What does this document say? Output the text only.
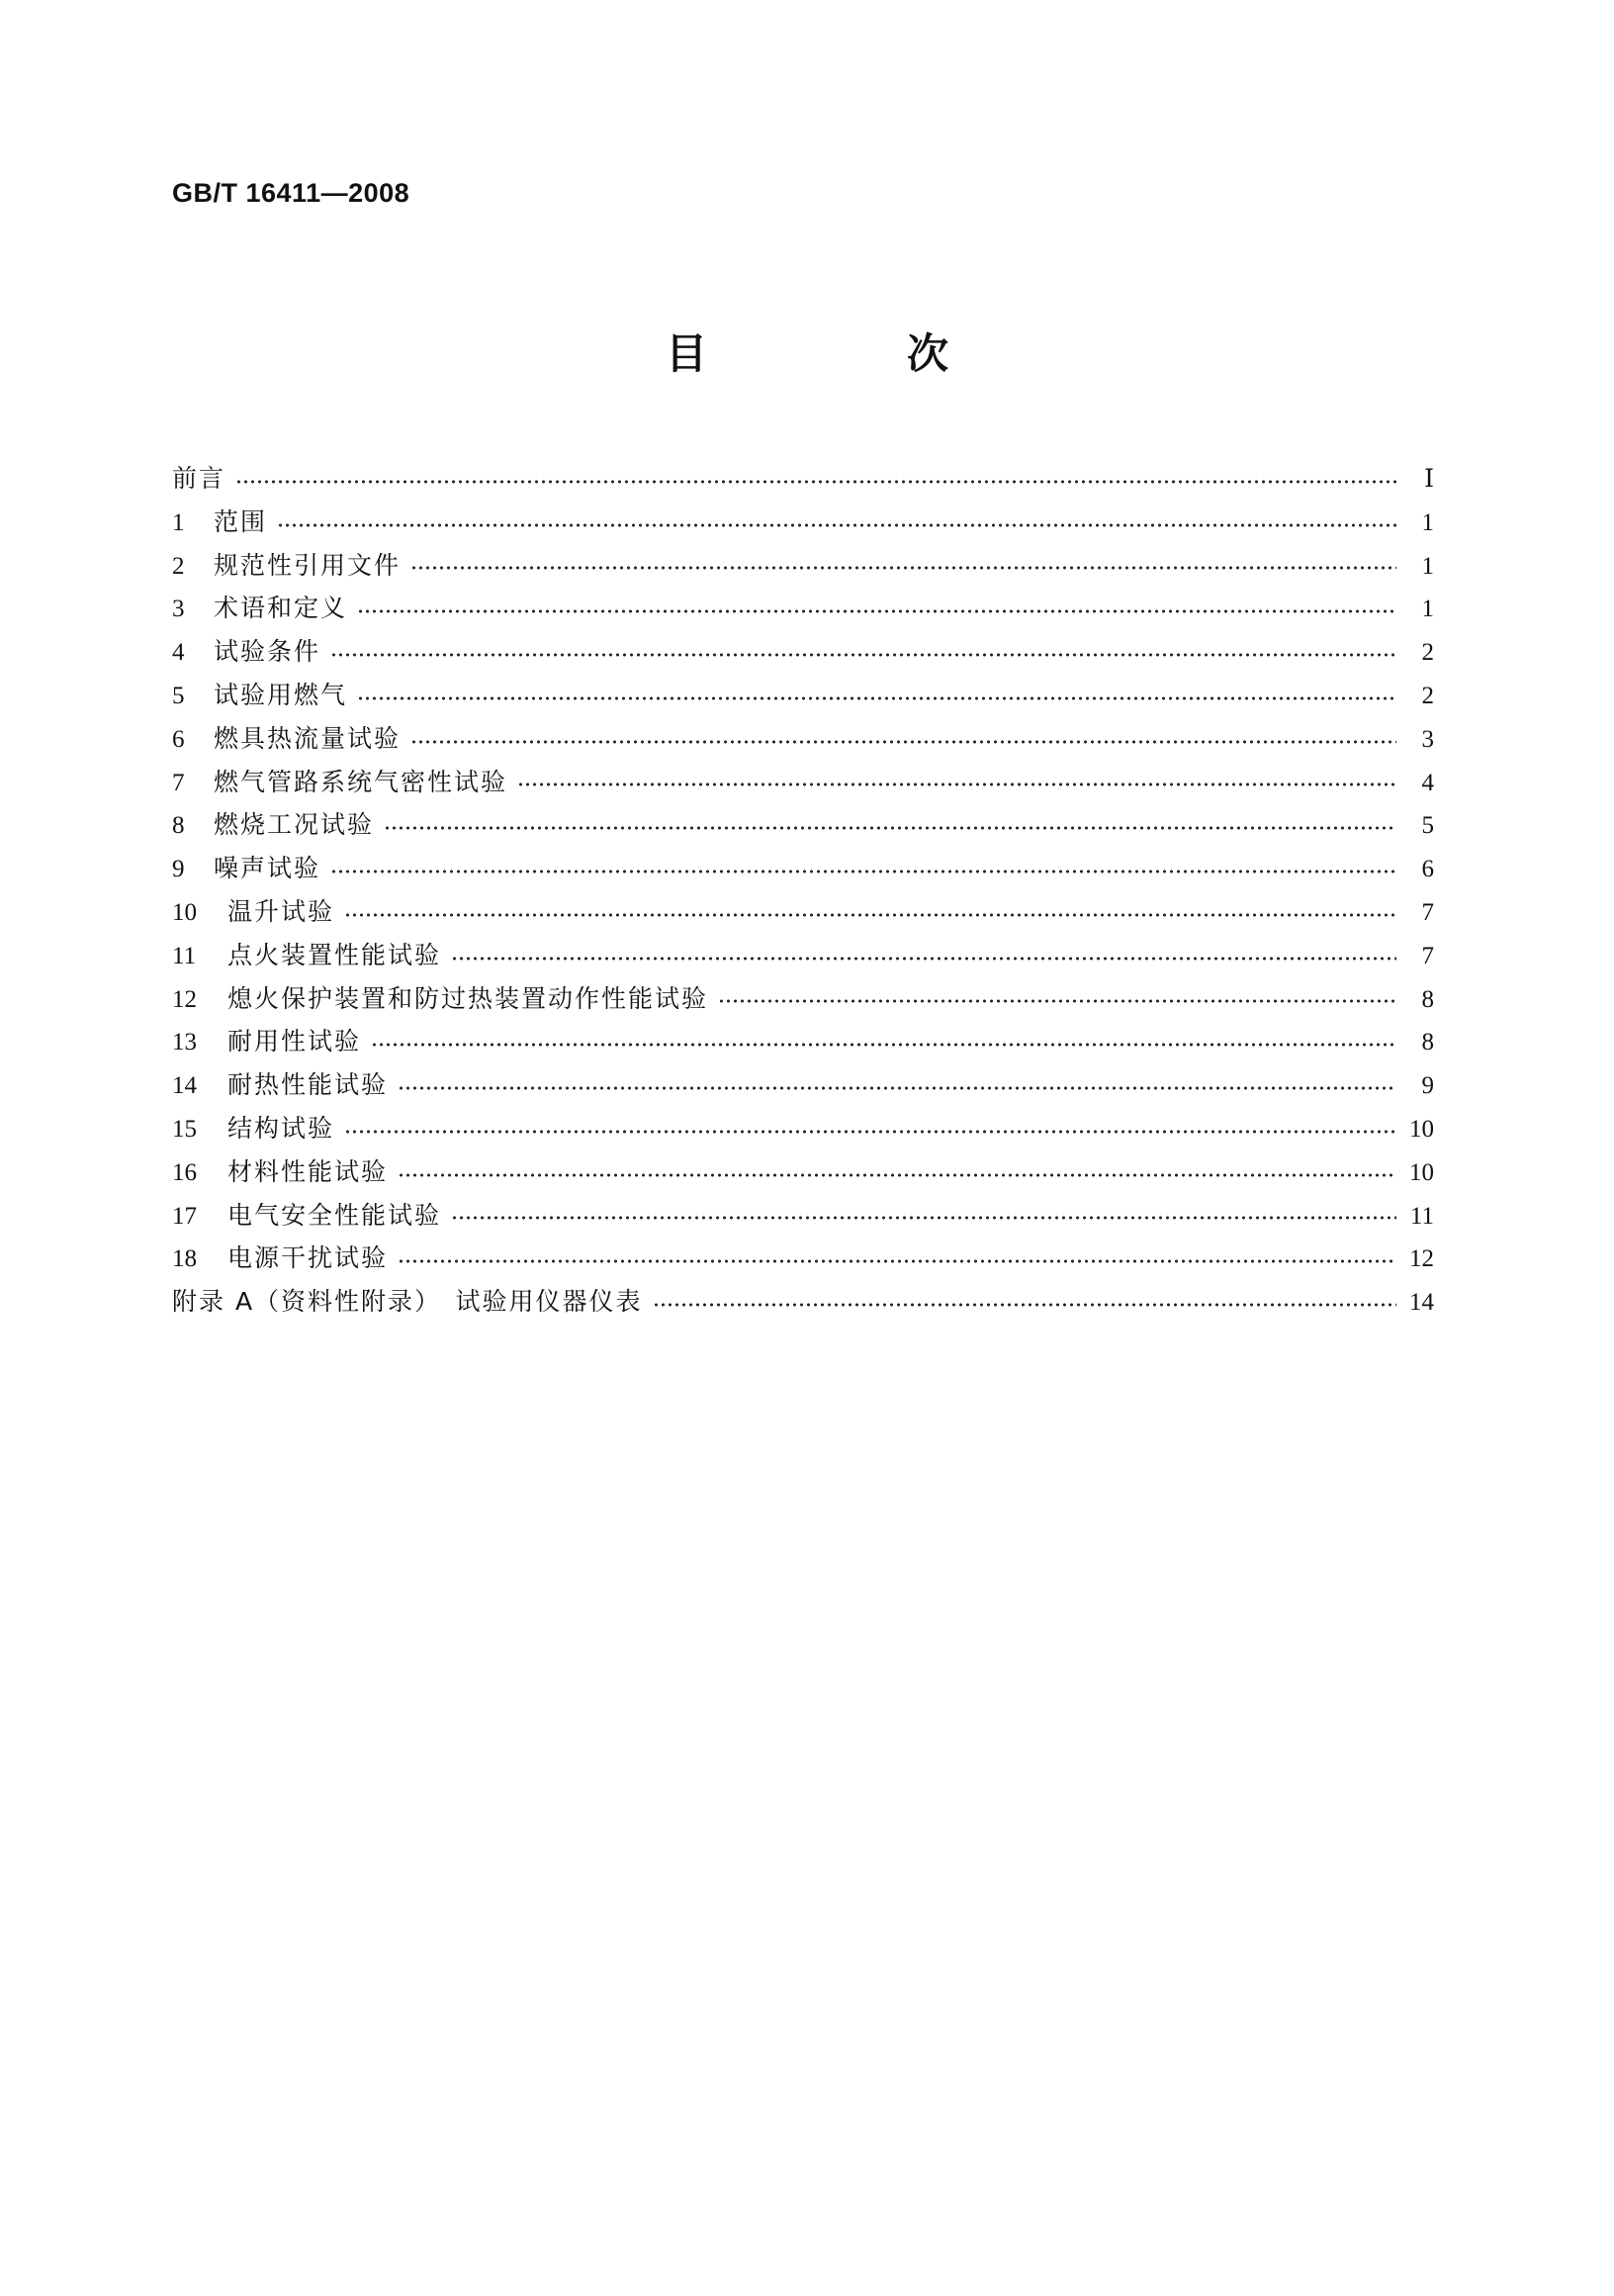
GB/T 16411—2008
目　次
前言	Ⅰ
1	范围	1
2	规范性引用文件	1
3	术语和定义	1
4	试验条件	2
5	试验用燃气	2
6	燃具热流量试验	3
7	燃气管路系统气密性试验	4
8	燃烧工况试验	5
9	噪声试验	6
10	温升试验	7
11	点火装置性能试验	7
12	熄火保护装置和防过热装置动作性能试验	8
13	耐用性试验	8
14	耐热性能试验	9
15	结构试验	10
16	材料性能试验	10
17	电气安全性能试验	11
18	电源干扰试验	12
附录 A（资料性附录）　试验用仪器仪表	14
